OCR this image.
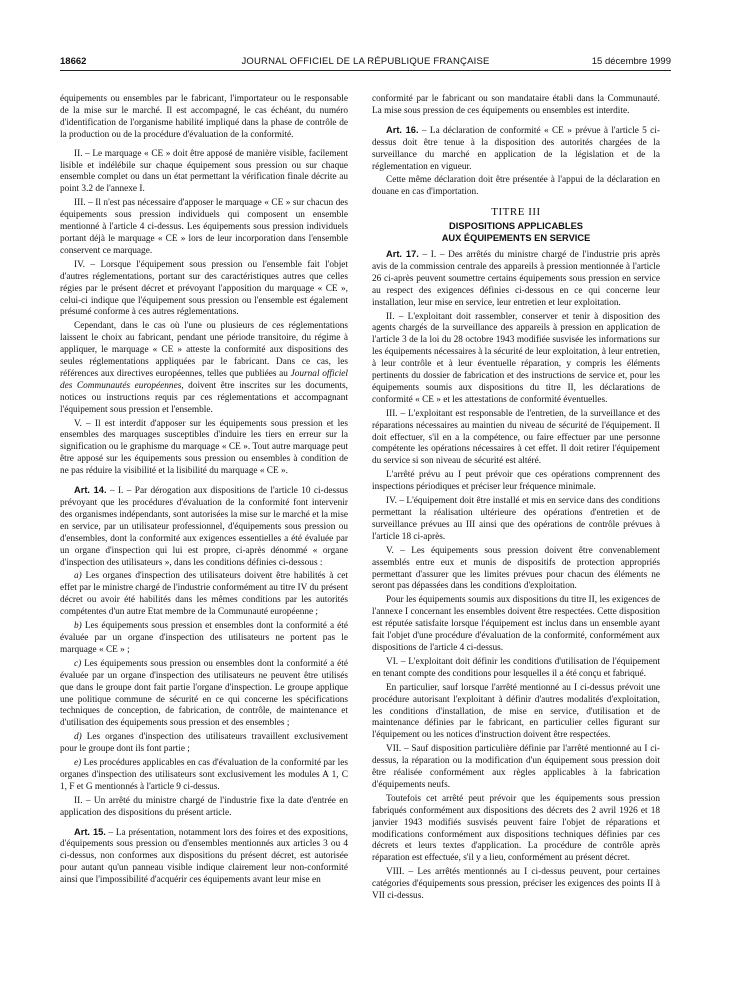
18662	JOURNAL OFFICIEL DE LA RÉPUBLIQUE FRANÇAISE	15 décembre 1999

équipements ou ensembles par le fabricant, l'importateur ou le responsable de la mise sur le marché. Il est accompagné, le cas échéant, du numéro d'identification de l'organisme habilité impliqué dans la phase de contrôle de la production ou de la procédure d'évaluation de la conformité.

II. – Le marquage « CE » doit être apposé de manière visible, facilement lisible et indélébile sur chaque équipement sous pression ou sur chaque ensemble complet ou dans un état permettant la vérification finale décrite au point 3.2 de l'annexe I.

III. – Il n'est pas nécessaire d'apposer le marquage « CE » sur chacun des équipements sous pression individuels qui composent un ensemble mentionné à l'article 4 ci-dessus. Les équipements sous pression individuels portant déjà le marquage « CE » lors de leur incorporation dans l'ensemble conservent ce marquage.

IV. – Lorsque l'équipement sous pression ou l'ensemble fait l'objet d'autres réglementations, portant sur des caractéristiques autres que celles régies par le présent décret et prévoyant l'apposition du marquage « CE », celui-ci indique que l'équipement sous pression ou l'ensemble est également présumé conforme à ces autres réglementations.

Cependant, dans le cas où l'une ou plusieurs de ces réglementations laissent le choix au fabricant, pendant une période transitoire, du régime à appliquer, le marquage « CE » atteste la conformité aux dispositions des seules réglementations appliquées par le fabricant. Dans ce cas, les références aux directives européennes, telles que publiées au Journal officiel des Communautés européennes, doivent être inscrites sur les documents, notices ou instructions requis par ces réglementations et accompagnant l'équipement sous pression et l'ensemble.

V. – Il est interdit d'apposer sur les équipements sous pression et les ensembles des marquages susceptibles d'induire les tiers en erreur sur la signification ou le graphisme du marquage « CE ». Tout autre marquage peut être apposé sur les équipements sous pression ou ensembles à condition de ne pas réduire la visibilité et la lisibilité du marquage « CE ».

Art. 14. – I. – Par dérogation aux dispositions de l'article 10 ci-dessus prévoyant que les procédures d'évaluation de la conformité font intervenir des organismes indépendants, sont autorisées la mise sur le marché et la mise en service, par un utilisateur professionnel, d'équipements sous pression ou d'ensembles, dont la conformité aux exigences essentielles a été évaluée par un organe d'inspection qui lui est propre, ci-après dénommé « organe d'inspection des utilisateurs », dans les conditions définies ci-dessous :

a) Les organes d'inspection des utilisateurs doivent être habilités à cet effet par le ministre chargé de l'industrie conformément au titre IV du présent décret ou avoir été habilités dans les mêmes conditions par les autorités compétentes d'un autre Etat membre de la Communauté européenne ;

b) Les équipements sous pression et ensembles dont la conformité a été évaluée par un organe d'inspection des utilisateurs ne portent pas le marquage « CE » ;

c) Les équipements sous pression ou ensembles dont la conformité a été évaluée par un organe d'inspection des utilisateurs ne peuvent être utilisés que dans le groupe dont fait partie l'organe d'inspection. Le groupe applique une politique commune de sécurité en ce qui concerne les spécifications techniques de conception, de fabrication, de contrôle, de maintenance et d'utilisation des équipements sous pression et des ensembles ;

d) Les organes d'inspection des utilisateurs travaillent exclusivement pour le groupe dont ils font partie ;

e) Les procédures applicables en cas d'évaluation de la conformité par les organes d'inspection des utilisateurs sont exclusivement les modules A 1, C 1, F et G mentionnés à l'article 9 ci-dessus.

II. – Un arrêté du ministre chargé de l'industrie fixe la date d'entrée en application des dispositions du présent article.

Art. 15. – La présentation, notamment lors des foires et des expositions, d'équipements sous pression ou d'ensembles mentionnés aux articles 3 ou 4 ci-dessus, non conformes aux dispositions du présent décret, est autorisée pour autant qu'un panneau visible indique clairement leur non-conformité ainsi que l'impossibilité d'acquérir ces équipements avant leur mise en

conformité par le fabricant ou son mandataire établi dans la Communauté. La mise sous pression de ces équipements ou ensembles est interdite.

Art. 16. – La déclaration de conformité « CE » prévue à l'article 5 ci-dessus doit être tenue à la disposition des autorités chargées de la surveillance du marché en application de la législation et de la réglementation en vigueur.

Cette même déclaration doit être présentée à l'appui de la déclaration en douane en cas d'importation.

TITRE III

DISPOSITIONS APPLICABLES

AUX ÉQUIPEMENTS EN SERVICE

Art. 17. – I. – Des arrêtés du ministre chargé de l'industrie pris après avis de la commission centrale des appareils à pression mentionnée à l'article 26 ci-après peuvent soumettre certains équipements sous pression en service au respect des exigences définies ci-dessous en ce qui concerne leur installation, leur mise en service, leur entretien et leur exploitation.

II. – L'exploitant doit rassembler, conserver et tenir à disposition des agents chargés de la surveillance des appareils à pression en application de l'article 3 de la loi du 28 octobre 1943 modifiée susvisée les informations sur les équipements nécessaires à la sécurité de leur exploitation, à leur entretien, à leur contrôle et à leur éventuelle réparation, y compris les éléments pertinents du dossier de fabrication et des instructions de service et, pour les équipements soumis aux dispositions du titre II, les déclarations de conformité « CE » et les attestations de conformité éventuelles.

III. – L'exploitant est responsable de l'entretien, de la surveillance et des réparations nécessaires au maintien du niveau de sécurité de l'équipement. Il doit effectuer, s'il en a la compétence, ou faire effectuer par une personne compétente les opérations nécessaires à cet effet. Il doit retirer l'équipement du service si son niveau de sécurité est altéré.

L'arrêté prévu au I peut prévoir que ces opérations comprennent des inspections périodiques et préciser leur fréquence minimale.

IV. – L'équipement doit être installé et mis en service dans des conditions permettant la réalisation ultérieure des opérations d'entretien et de surveillance prévues au III ainsi que des opérations de contrôle prévues à l'article 18 ci-après.

V. – Les équipements sous pression doivent être convenablement assemblés entre eux et munis de dispositifs de protection appropriés permettant d'assurer que les limites prévues pour chacun des éléments ne seront pas dépassées dans les conditions d'exploitation.

Pour les équipements soumis aux dispositions du titre II, les exigences de l'annexe I concernant les ensembles doivent être respectées. Cette disposition est réputée satisfaite lorsque l'équipement est inclus dans un ensemble ayant fait l'objet d'une procédure d'évaluation de la conformité, conformément aux dispositions de l'article 4 ci-dessus.

VI. – L'exploitant doit définir les conditions d'utilisation de l'équipement en tenant compte des conditions pour lesquelles il a été conçu et fabriqué.

En particulier, sauf lorsque l'arrêté mentionné au I ci-dessus prévoit une procédure autorisant l'exploitant à définir d'autres modalités d'exploitation, les conditions d'installation, de mise en service, d'utilisation et de maintenance définies par le fabricant, en particulier celles figurant sur l'équipement ou les notices d'instruction doivent être respectées.

VII. – Sauf disposition particulière définie par l'arrêté mentionné au I ci-dessus, la réparation ou la modification d'un équipement sous pression doit être réalisée conformément aux règles applicables à la fabrication d'équipements neufs.

Toutefois cet arrêté peut prévoir que les équipements sous pression fabriqués conformément aux dispositions des décrets des 2 avril 1926 et 18 janvier 1943 modifiés susvisés peuvent faire l'objet de réparations et modifications conformément aux dispositions techniques définies par ces décrets et leurs textes d'application. La procédure de contrôle après réparation est effectuée, s'il y a lieu, conformément au présent décret.

VIII. – Les arrêtés mentionnés au I ci-dessus peuvent, pour certaines catégories d'équipements sous pression, préciser les exigences des points II à VII ci-dessus.
